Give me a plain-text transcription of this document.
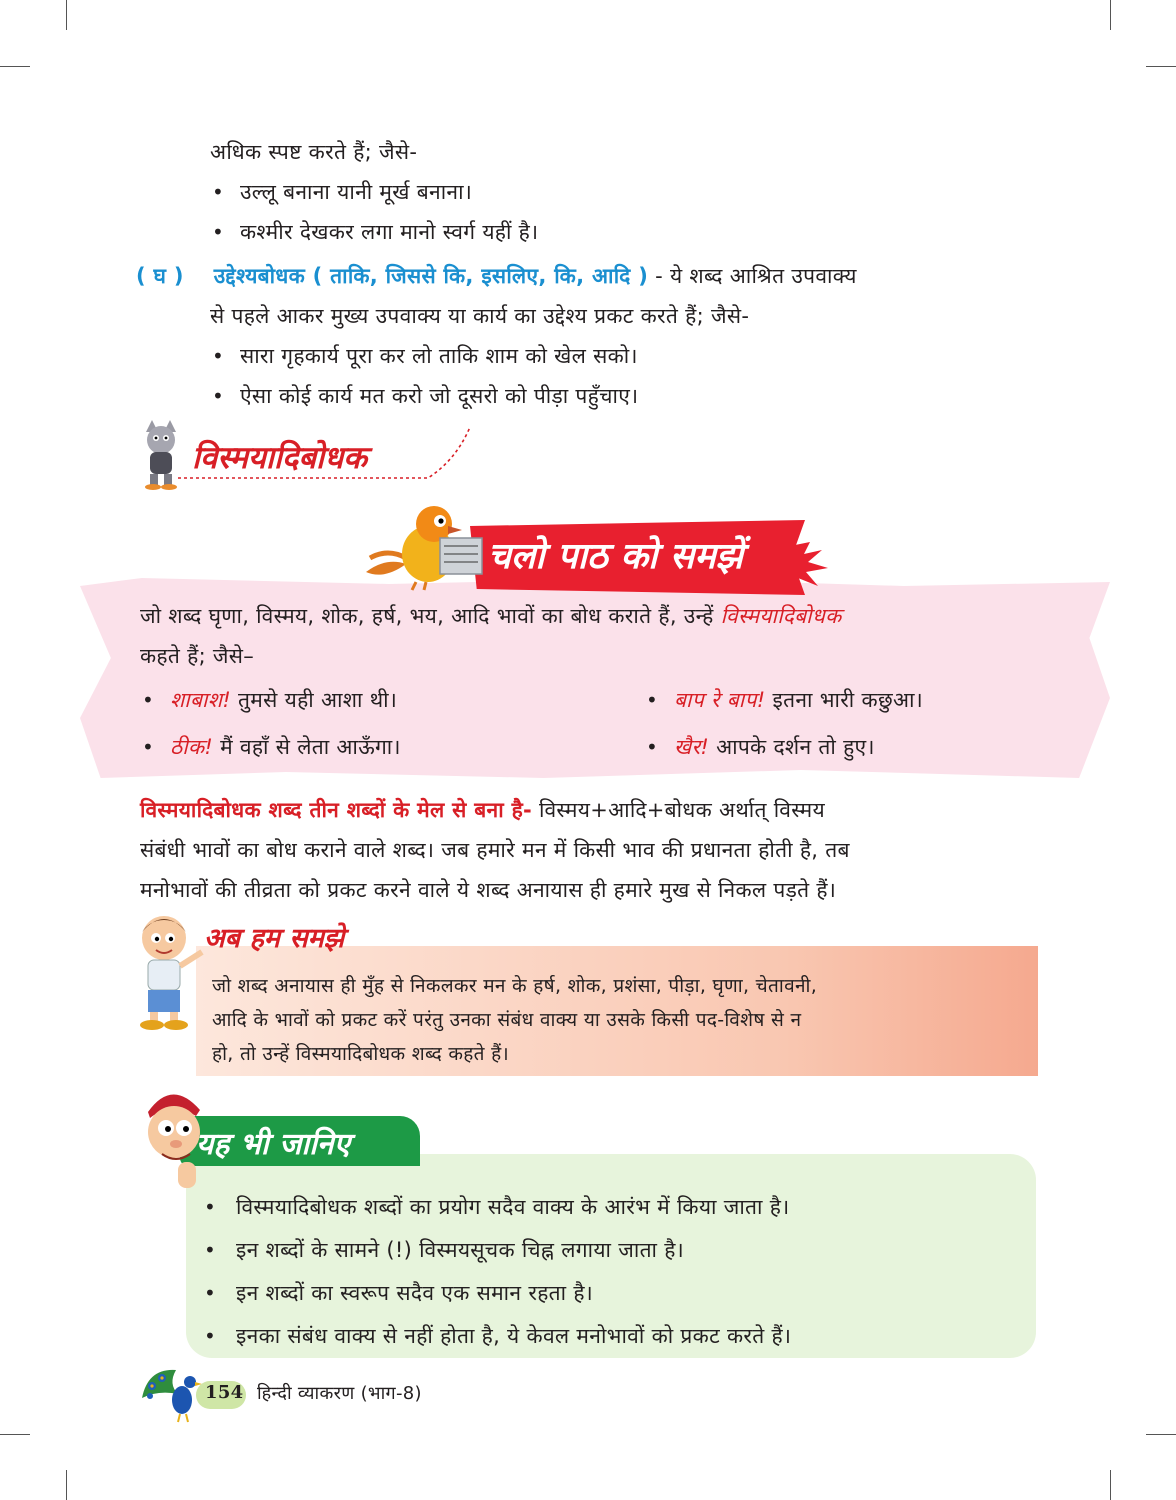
अधिक स्पष्ट करते हैं; जैसे-
• उल्लू बनाना यानी मूर्ख बनाना।
• कश्मीर देखकर लगा मानो स्वर्ग यहीं है।
( घ ) उद्देश्यबोधक ( ताकि, जिससे कि, इसलिए, कि, आदि ) - ये शब्द आश्रित उपवाक्य
से पहले आकर मुख्य उपवाक्य या कार्य का उद्देश्य प्रकट करते हैं; जैसे-
• सारा गृहकार्य पूरा कर लो ताकि शाम को खेल सको।
• ऐसा कोई कार्य मत करो जो दूसरो को पीड़ा पहुँचाए।
विस्मयादिबोधक
चलो पाठ को समझें
जो शब्द घृणा, विस्मय, शोक, हर्ष, भय, आदि भावों का बोध कराते हैं, उन्हें विस्मयादिबोधक
कहते हैं; जैसे–
• शाबाश! तुमसे यही आशा थी।	• बाप रे बाप! इतना भारी कछुआ।
• ठीक! मैं वहाँ से लेता आऊँगा।	• खैर! आपके दर्शन तो हुए।
विस्मयादिबोधक शब्द तीन शब्दों के मेल से बना है- विस्मय+आदि+बोधक अर्थात् विस्मय
संबंधी भावों का बोध कराने वाले शब्द। जब हमारे मन में किसी भाव की प्रधानता होती है, तब
मनोभावों की तीव्रता को प्रकट करने वाले ये शब्द अनायास ही हमारे मुख से निकल पड़ते हैं।
अब हम समझे
जो शब्द अनायास ही मुँह से निकलकर मन के हर्ष, शोक, प्रशंसा, पीड़ा, घृणा, चेतावनी,
आदि के भावों को प्रकट करें परंतु उनका संबंध वाक्य या उसके किसी पद-विशेष से न
हो, तो उन्हें विस्मयादिबोधक शब्द कहते हैं।
यह भी जानिए
• विस्मयादिबोधक शब्दों का प्रयोग सदैव वाक्य के आरंभ में किया जाता है।
• इन शब्दों के सामने (!) विस्मयसूचक चिह्न लगाया जाता है।
• इन शब्दों का स्वरूप सदैव एक समान रहता है।
• इनका संबंध वाक्य से नहीं होता है, ये केवल मनोभावों को प्रकट करते हैं।
154 हिन्दी व्याकरण (भाग-8)
